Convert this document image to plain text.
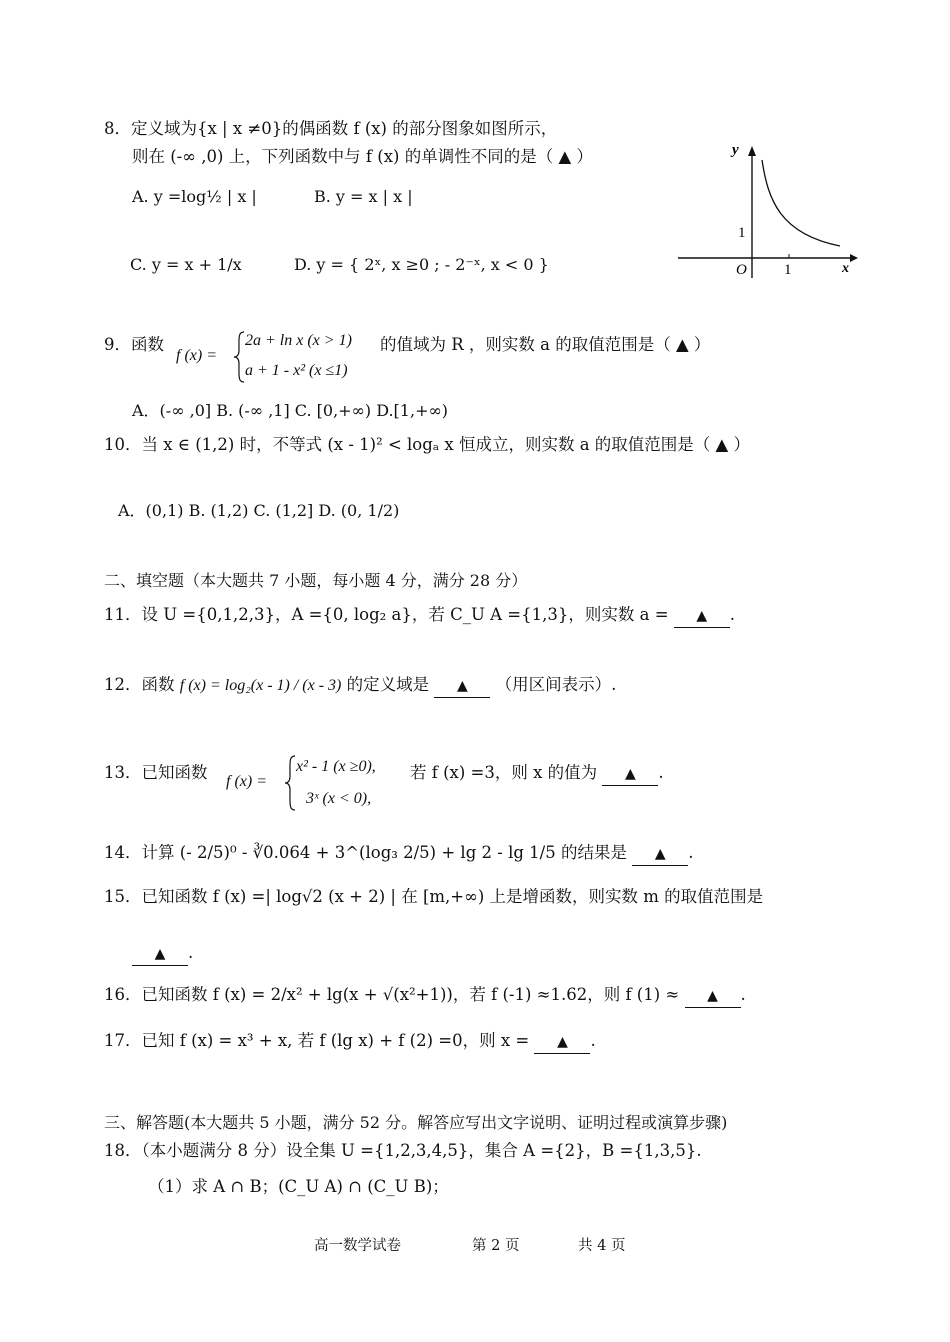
8．定义域为{x | x ≠0}的偶函数 f (x) 的部分图象如图所示，
则在 (-∞ ,0) 上，下列函数中与 f (x) 的单调性不同的是（ ▲ ）
A. y =log½ | x |	B. y = x | x |
C. y = x + 1/x	D. y = { 2ˣ, x ≥0 ; - 2⁻ˣ, x < 0 }
y
x
O 1
1
9．函数
f (x) =
2a + ln x (x > 1)
a + 1 - x² (x ≤1)
的值域为 R ，则实数 a 的取值范围是（ ▲ ）
A．(-∞ ,0] B. (-∞ ,1] C. [0,+∞) D.[1,+∞)
10．当 x ∈ (1,2) 时，不等式 (x - 1)² < logₐ x 恒成立，则实数 a 的取值范围是（ ▲ ）
A．(0,1) B. (1,2) C. (1,2] D. (0, 1/2)
二、填空题（本大题共 7 小题，每小题 4 分，满分 28 分）
11．设 U ={0,1,2,3}，A ={0, log₂ a}，若 C_U A ={1,3}，则实数 a = ▲ .
12．函数 f (x) = log₂(x - 1) / (x - 3) 的定义域是 ▲ （用区间表示）.
13．已知函数 f (x) =
x² - 1 (x ≥0),
3ˣ (x < 0),
若 f (x) =3，则 x 的值为 ▲ .
14．计算 (- 2/5)⁰ - ∛0.064 + 3^(log₃ 2/5) + lg 2 - lg 1/5 的结果是 ▲ .
15．已知函数 f (x) =| log√2 (x + 2) | 在 [m,+∞) 上是增函数，则实数 m 的取值范围是
▲ .
16．已知函数 f (x) = 2/x² + lg(x + √(x²+1))，若 f (-1) ≈1.62，则 f (1) ≈ ▲ .
17．已知 f (x) = x³ + x, 若 f (lg x) + f (2) =0，则 x = ▲ .
三、解答题(本大题共 5 小题，满分 52 分。解答应写出文字说明、证明过程或演算步骤)
18．（本小题满分 8 分）设全集 U ={1,2,3,4,5}，集合 A ={2}，B ={1,3,5}.
（1）求 A ∩ B；(C_U A) ∩ (C_U B)；
高一数学试卷	第 2 页	共 4 页
